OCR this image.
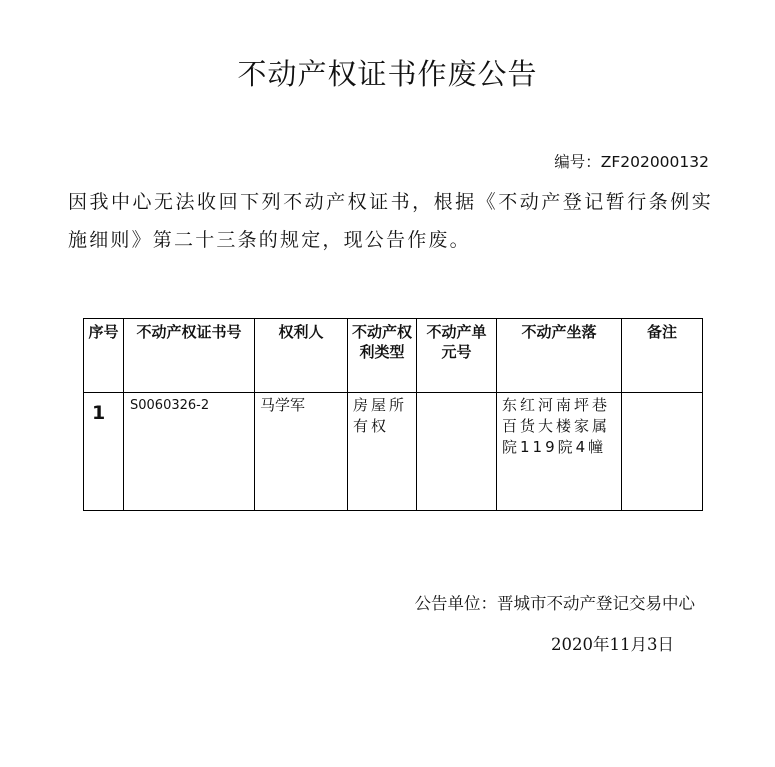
不动产权证书作废公告
编号：ZF202000132
因我中心无法收回下列不动产权证书，根据《不动产登记暂行条例实施细则》第二十三条的规定，现公告作废。
序号	不动产权证书号	权利人	不动产权利类型	不动产单元号	不动产坐落	备注
1	S0060326-2	马学军	房屋所有权		东红河南坪巷百货大楼家属院119院4幢	
公告单位：晋城市不动产登记交易中心
2020年11月3日
